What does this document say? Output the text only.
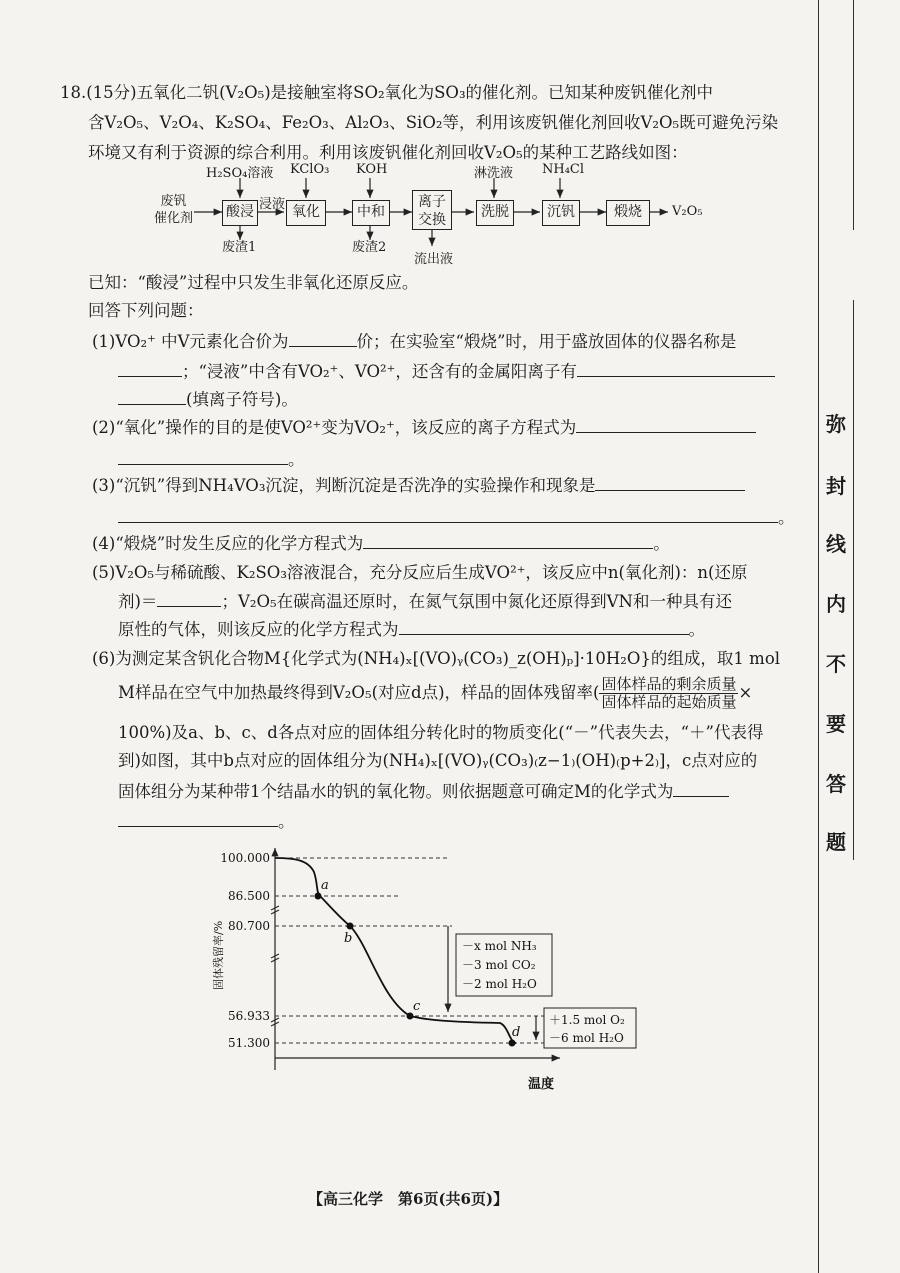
弥
封
线
内
不
要
答
题
18.(15分)五氧化二钒(V₂O₅)是接触室将SO₂氧化为SO₃的催化剂。已知某种废钒催化剂中
含V₂O₅、V₂O₄、K₂SO₄、Fe₂O₃、Al₂O₃、SiO₂等，利用该废钒催化剂回收V₂O₅既可避免污染
环境又有利于资源的综合利用。利用该废钒催化剂回收V₂O₅的某种工艺路线如图：
废钒
催化剂
H₂SO₄溶液 KClO₃ KOH	淋洗液 NH₄Cl
酸浸 浸液 氧化	中和
离子
交换	洗脱	沉钒	煅烧	V₂O₅
废渣1	废渣2
流出液
已知：“酸浸”过程中只发生非氧化还原反应。
回答下列问题：
(1)VO₂⁺ 中V元素化合价为	价；在实验室“煅烧”时，用于盛放固体的仪器名称是
；“浸液”中含有VO₂⁺、VO²⁺，还含有的金属阳离子有
(填离子符号)。
(2)“氧化”操作的目的是使VO²⁺变为VO₂⁺，该反应的离子方程式为
。
(3)“沉钒”得到NH₄VO₃沉淀，判断沉淀是否洗净的实验操作和现象是
。
(4)“煅烧”时发生反应的化学方程式为	。
(5)V₂O₅与稀硫酸、K₂SO₃溶液混合，充分反应后生成VO²⁺，该反应中n(氧化剂)：n(还原
剂)＝	；V₂O₅在碳高温还原时，在氮气氛围中氮化还原得到VN和一种具有还
原性的气体，则该反应的化学方程式为	。
(6)为测定某含钒化合物M{化学式为(NH₄)ₓ[(VO)ᵧ(CO₃)_z(OH)ₚ]·10H₂O}的组成，取1 mol
M样品在空气中加热最终得到V₂O₅(对应d点)，样品的固体残留率( $\frac{\text{固体样品的剩余质量}}{\text{固体样品的起始质量}}$ ×
100%)及a、b、c、d各点对应的固体组分转化时的物质变化(“－”代表失去，“＋”代表得
到)如图，其中b点对应的固体组分为(NH₄)ₓ[(VO)ᵧ(CO₃)₍z−1₎(OH)₍p+2₎]，c点对应的
固体组分为某种带1个结晶水的钒的氧化物。则依据题意可确定M的化学式为
。
a
b
c
d
100.000
86.500
80.700
56.933
51.300
固体残留率/%
温度
－x mol NH₃
－3 mol CO₂
－2 mol H₂O
＋1.5 mol O₂
－6 mol H₂O
【高三化学　第6页(共6页)】
